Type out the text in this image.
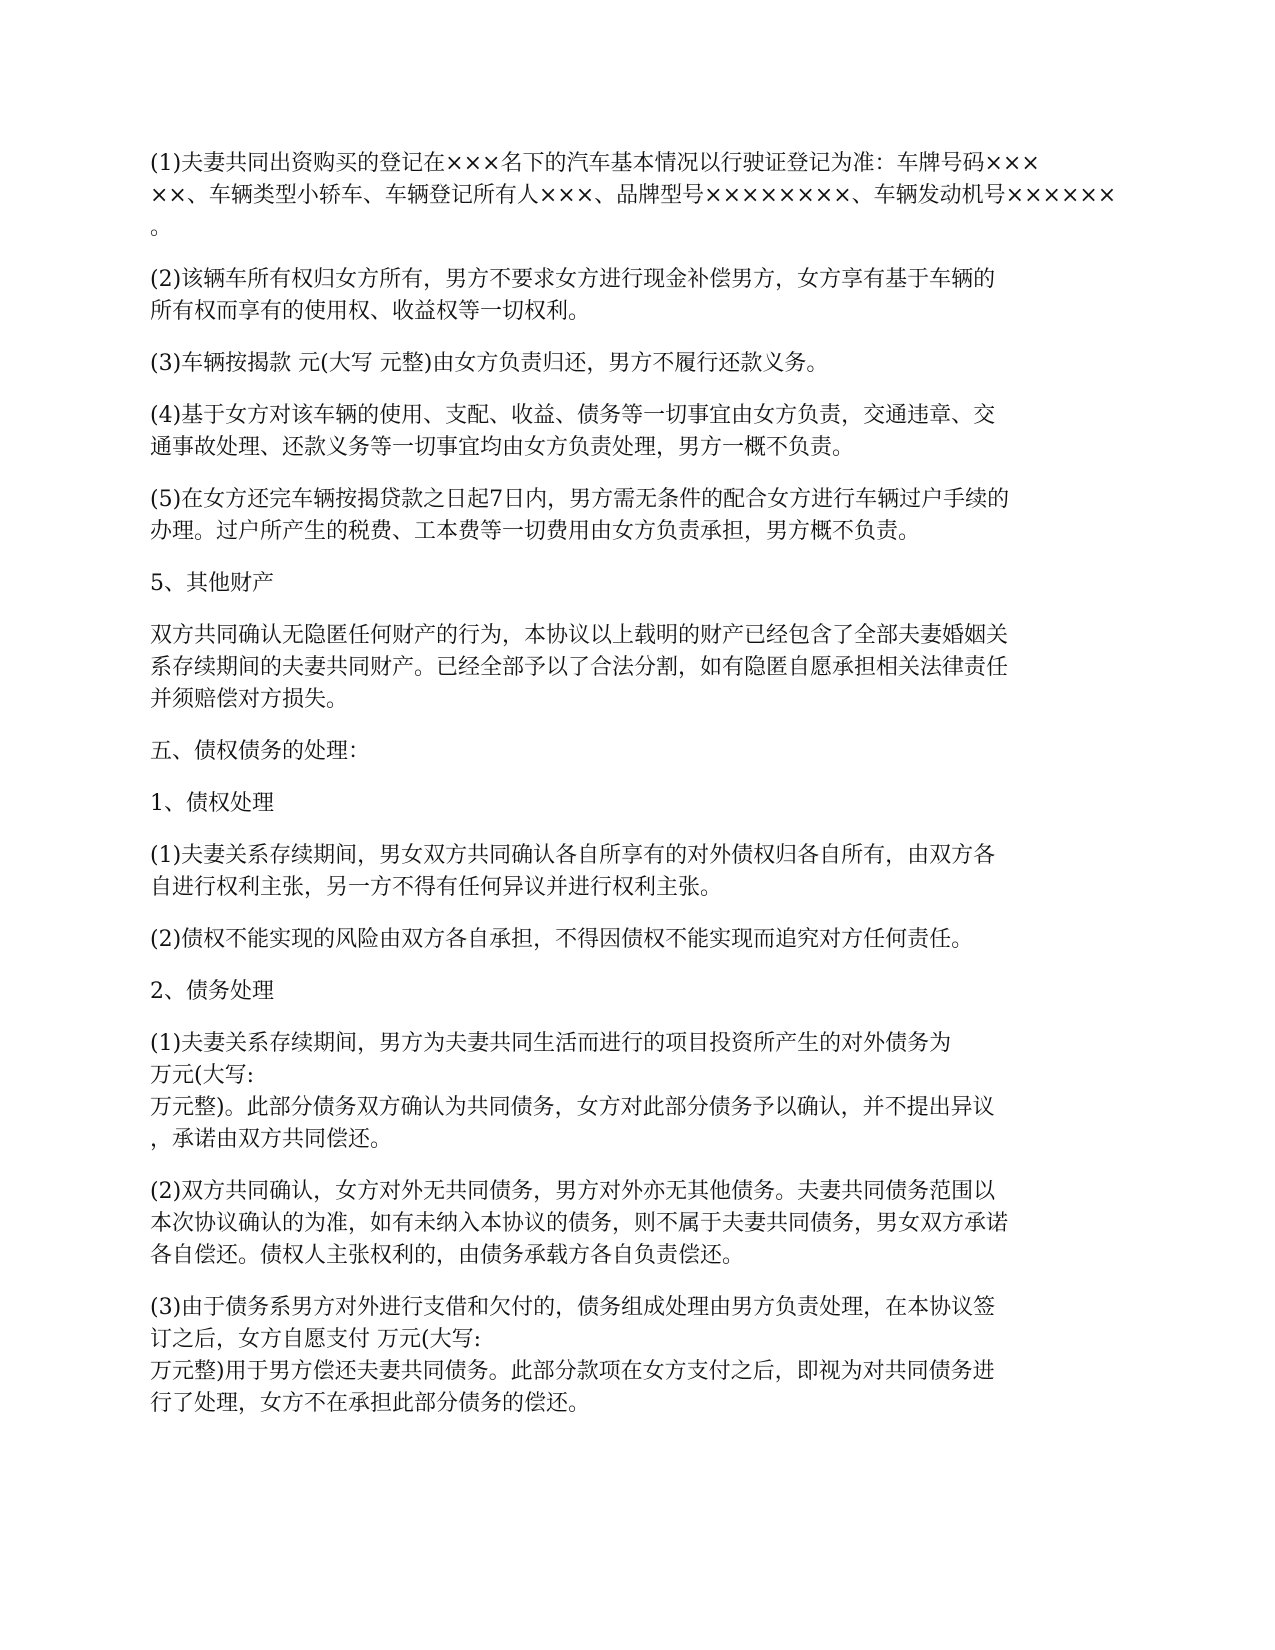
(1)夫妻共同出资购买的登记在×××名下的汽车基本情况以行驶证登记为准：车牌号码×××
××、车辆类型小轿车、车辆登记所有人×××、品牌型号××××××××、车辆发动机号××××××
。

(2)该辆车所有权归女方所有，男方不要求女方进行现金补偿男方，女方享有基于车辆的
所有权而享有的使用权、收益权等一切权利。

(3)车辆按揭款 元(大写 元整)由女方负责归还，男方不履行还款义务。

(4)基于女方对该车辆的使用、支配、收益、债务等一切事宜由女方负责，交通违章、交
通事故处理、还款义务等一切事宜均由女方负责处理，男方一概不负责。

(5)在女方还完车辆按揭贷款之日起7日内，男方需无条件的配合女方进行车辆过户手续的
办理。过户所产生的税费、工本费等一切费用由女方负责承担，男方概不负责。

5、其他财产

双方共同确认无隐匿任何财产的行为，本协议以上载明的财产已经包含了全部夫妻婚姻关
系存续期间的夫妻共同财产。已经全部予以了合法分割，如有隐匿自愿承担相关法律责任
并须赔偿对方损失。

五、债权债务的处理：

1、债权处理

(1)夫妻关系存续期间，男女双方共同确认各自所享有的对外债权归各自所有，由双方各
自进行权利主张，另一方不得有任何异议并进行权利主张。

(2)债权不能实现的风险由双方各自承担，不得因债权不能实现而追究对方任何责任。

2、债务处理

(1)夫妻关系存续期间，男方为夫妻共同生活而进行的项目投资所产生的对外债务为
万元(大写:
万元整)。此部分债务双方确认为共同债务，女方对此部分债务予以确认，并不提出异议
，承诺由双方共同偿还。

(2)双方共同确认，女方对外无共同债务，男方对外亦无其他债务。夫妻共同债务范围以
本次协议确认的为准，如有未纳入本协议的债务，则不属于夫妻共同债务，男女双方承诺
各自偿还。债权人主张权利的，由债务承载方各自负责偿还。

(3)由于债务系男方对外进行支借和欠付的，债务组成处理由男方负责处理，在本协议签
订之后，女方自愿支付 万元(大写:
万元整)用于男方偿还夫妻共同债务。此部分款项在女方支付之后，即视为对共同债务进
行了处理，女方不在承担此部分债务的偿还。
